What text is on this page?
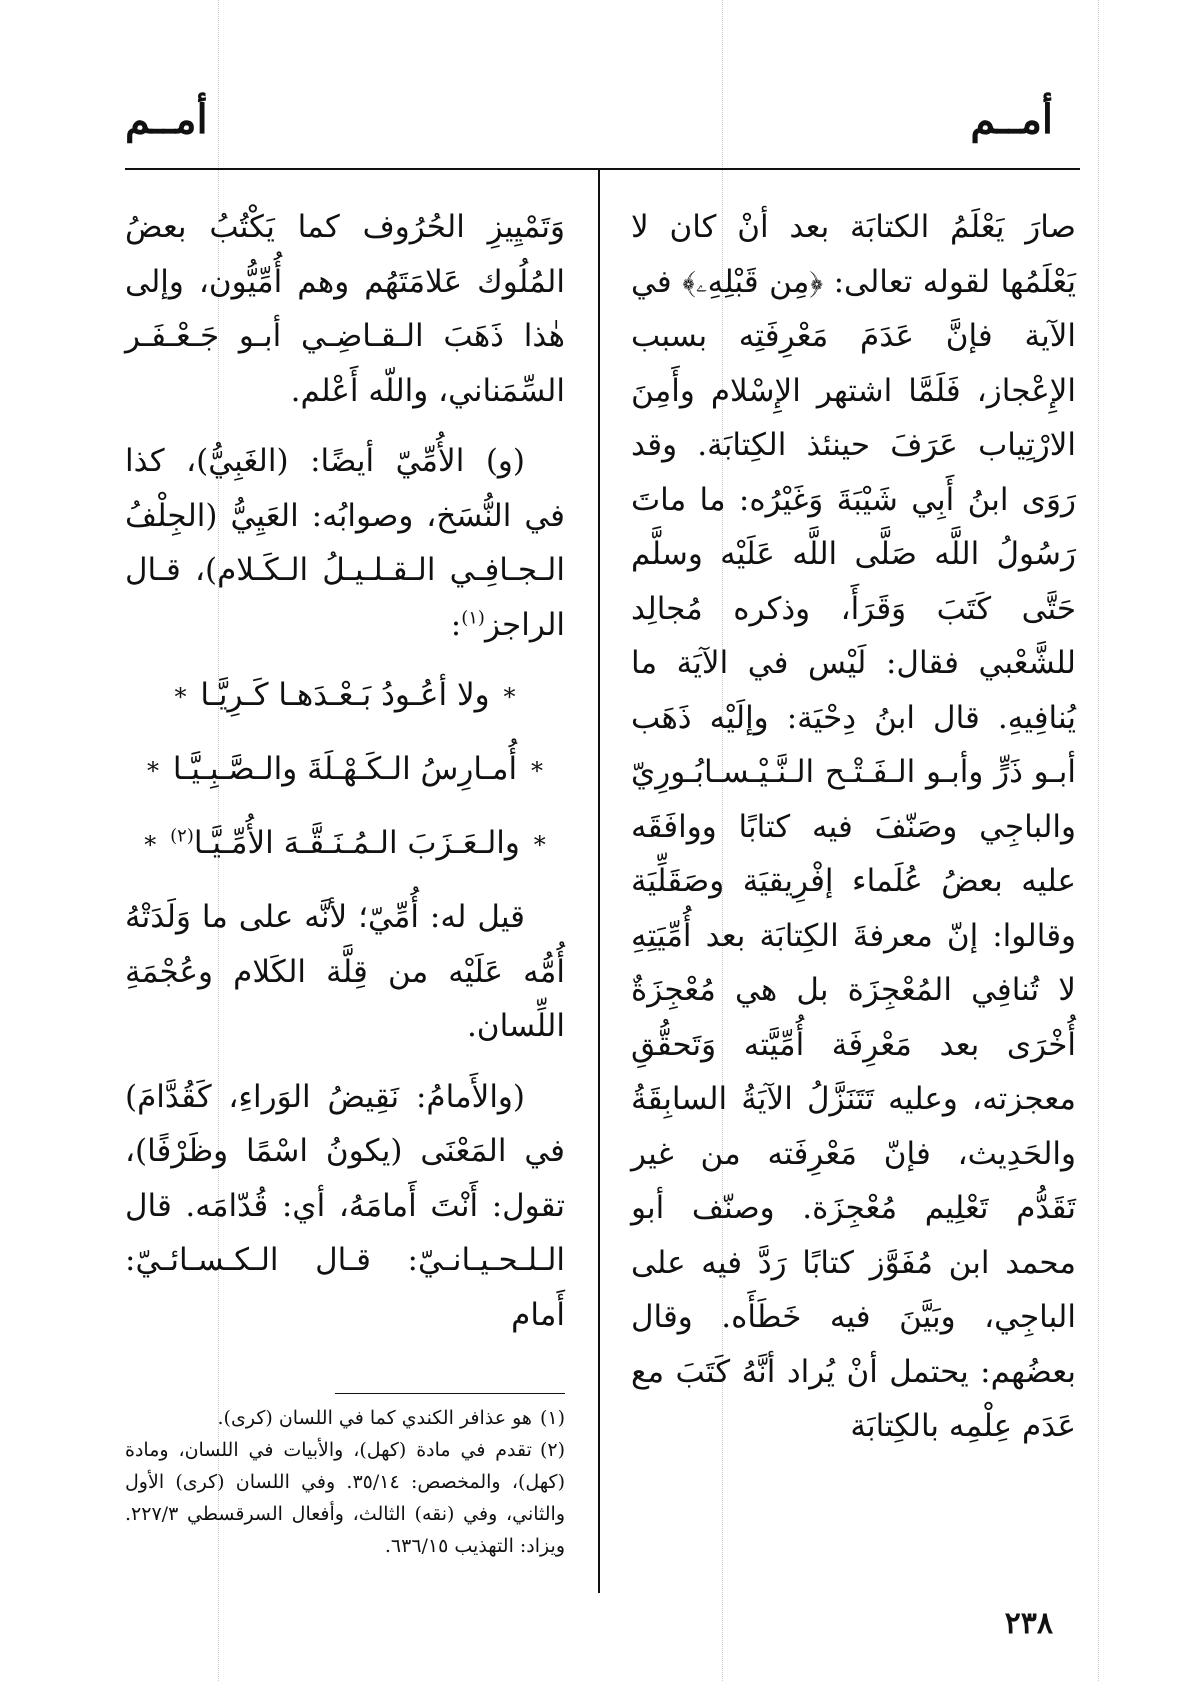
أمــم
أمــم

صارَ يَعْلَمُ الكتابَة بعد أنْ كان لا يَعْلَمُها لقوله تعالى: ﴿مِن قَبْلِهِۦ﴾ في الآية فإنَّ عَدَمَ مَعْرِفَتِه بسبب الإِعْجاز، فَلَمَّا اشتهر الإِسْلام وأَمِنَ الارْتِياب عَرَفَ حينئذ الكِتابَة. وقد رَوَى ابنُ أَبِي شَيْبَةَ وَغَيْرُه: ما ماتَ رَسُولُ اللَّه صَلَّى اللَّه عَلَيْه وسلَّم حَتَّى كَتَبَ وَقَرَأَ، وذكره مُجالِد للشَّعْبي فقال: لَيْس في الآيَة ما يُنافِيهِ. قال ابنُ دِحْيَة: وإلَيْه ذَهَب أبـو ذَرٍّ وأبـو الـفَـتْـح الـنَّـيْـسـابُـورِيّ والباجِي وصَنّفَ فيه كتابًا ووافَقَه عليه بعضُ عُلَماء إفْرِيقيَة وصَقَلِّيَة وقالوا: إنّ معرفةَ الكِتابَة بعد أُمِّيَتِهِ لا تُنافِي المُعْجِزَة بل هي مُعْجِزَةٌ أُخْرَى بعد مَعْرِفَة أُمِّيَّته وَتَحقُّقِ معجزته، وعليه تَتَنَزَّلُ الآيَةُ السابِقَةُ والحَدِيث، فإنّ مَعْرِفَته من غير تَقَدُّم تَعْلِيم مُعْجِزَة. وصنّف أبو محمد ابن مُفَوَّز كتابًا رَدَّ فيه على الباجِي، وبَيَّنَ فيه خَطَأَه. وقال بعضُهم: يحتمل أنْ يُراد أنَّهُ كَتَبَ مع عَدَم عِلْمِه بالكِتابَة

وَتَمْيِيزِ الحُرُوف كما يَكْتُبُ بعضُ المُلُوك عَلامَتَهُم وهم أُمِّيُّون، وإلى هٰذا ذَهَبَ الـقـاضِـي أبـو جَـعْـفَـر السِّمَناني، واللّه أَعْلم.

(و) الأُمِّيّ أيضًا: (الغَبِيُّ)، كذا في النُّسَخ، وصوابُه: العَيِيُّ (الجِلْفُ الـجـافِـي الـقـلـيـلُ الـكَـلام)، قـال الراجز$^{(١)}$:

* ولا أعُـودُ بَـعْـدَهـا كَـرِيَّـا *
* أُمـارِسُ الـكَـهْـلَةَ والـصَّـبِـيَّـا *
* والـعَـزَبَ الـمُـنَـقَّـهَ الأُمِّـيَّـا$^{(٢)}$ *

قيل له: أُمِّيّ؛ لأنَّه على ما وَلَدَتْهُ أُمُّه عَلَيْه من قِلَّة الكَلام وعُجْمَةِ اللِّسان.

(والأَمامُ: نَقِيضُ الوَراءِ، كَقُدَّامَ) في المَعْنَى (يكونُ اسْمًا وظَرْفًا)، تقول: أَنْتَ أَمامَهُ، أي: قُدّامَه. قال الـلـحـيـانـيّ: قـال الـكـسـائـيّ: أَمام

(١)هو عذافر الكندي كما في اللسان (كرى).

(٢)تقدم في مادة (كهل)، والأبيات في اللسان، ومادة (كهل)، والمخصص: ٣٥/١٤. وفي اللسان (كرى) الأول والثاني، وفي (نقه) الثالث، وأفعال السرقسطي ٢٢٧/٣. ويزاد: التهذيب ٦٣٦/١٥.

٢٣٨
